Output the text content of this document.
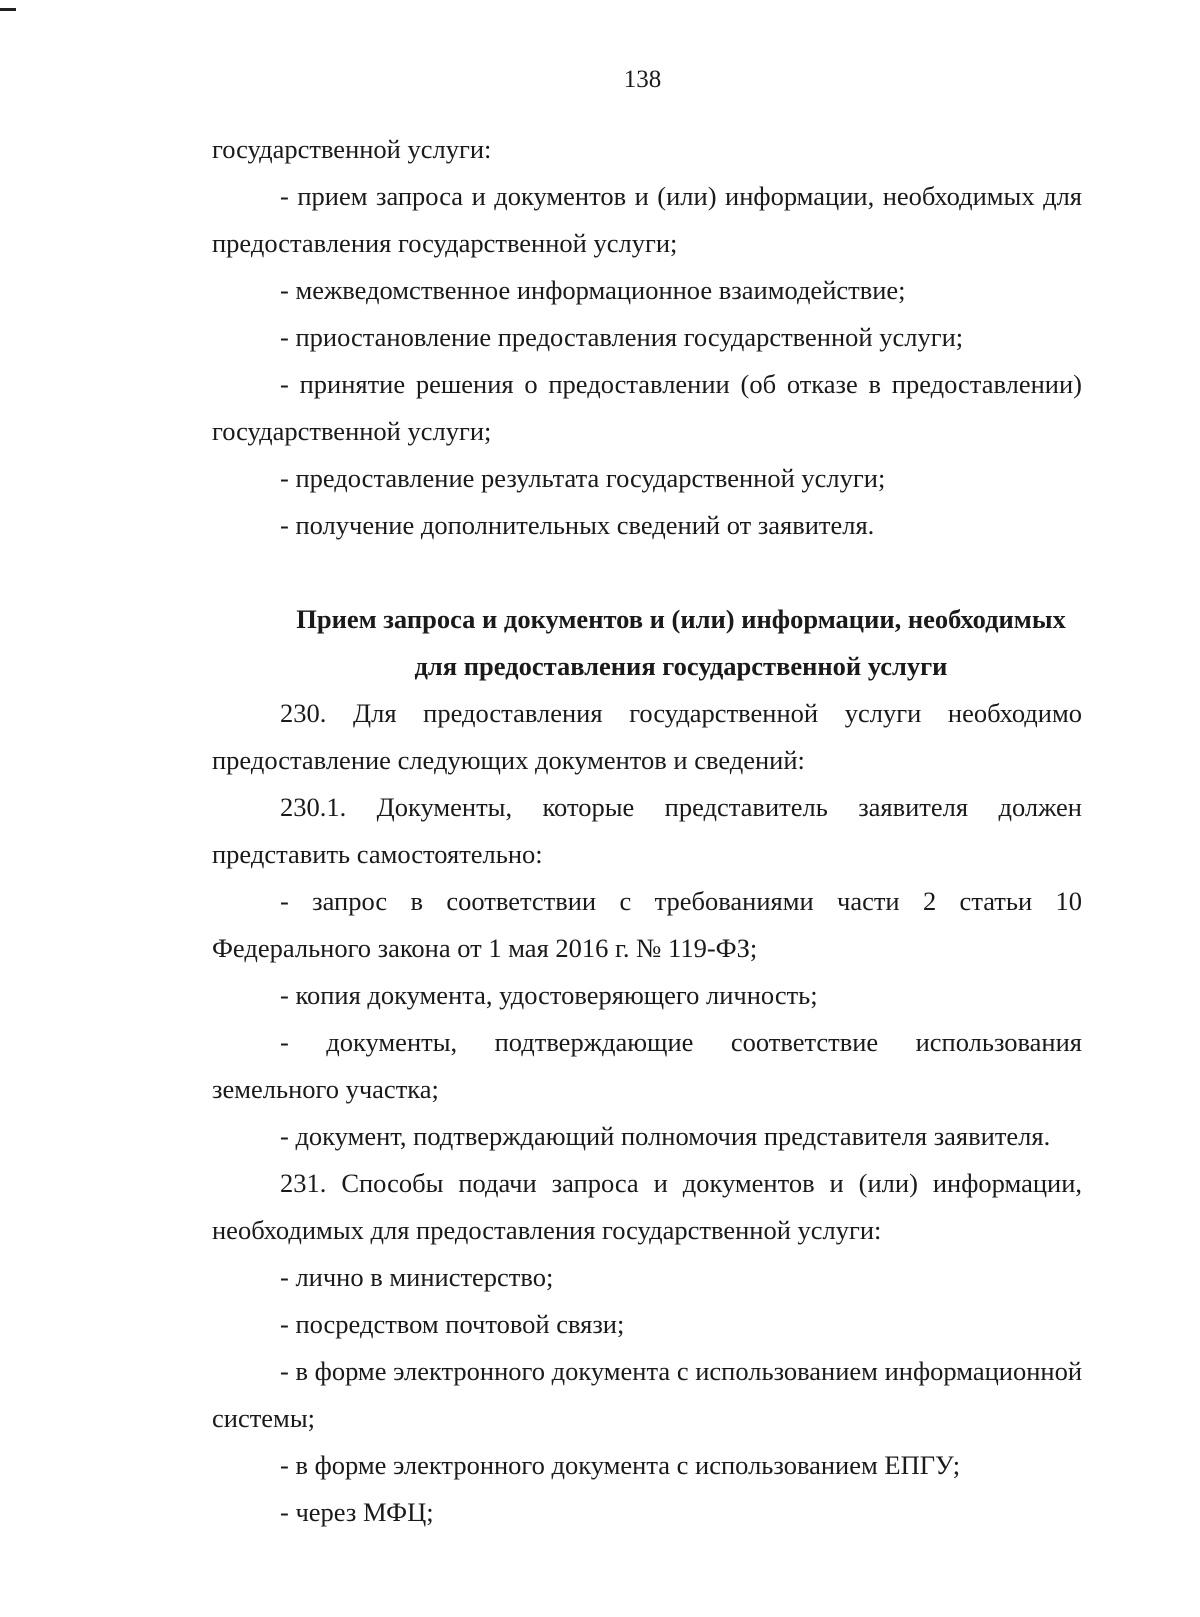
138

государственной услуги:

- прием запроса и документов и (или) информации, необходимых для предоставления государственной услуги;

- межведомственное информационное взаимодействие;

- приостановление предоставления государственной услуги;

- принятие решения о предоставлении (об отказе в предоставлении) государственной услуги;

- предоставление результата государственной услуги;

- получение дополнительных сведений от заявителя.

Прием запроса и документов и (или) информации, необходимых

для предоставления государственной услуги

230. Для предоставления государственной услуги необходимо предоставление следующих документов и сведений:

230.1. Документы, которые представитель заявителя должен представить самостоятельно:

- запрос в соответствии с требованиями части 2 статьи 10 Федерального закона от 1 мая 2016 г. № 119-ФЗ;

- копия документа, удостоверяющего личность;

- документы, подтверждающие соответствие использования земельного участка;

- документ, подтверждающий полномочия представителя заявителя.

231. Способы подачи запроса и документов и (или) информации, необходимых для предоставления государственной услуги:

- лично в министерство;

- посредством почтовой связи;

- в форме электронного документа с использованием информационной системы;

- в форме электронного документа с использованием ЕПГУ;

- через МФЦ;
